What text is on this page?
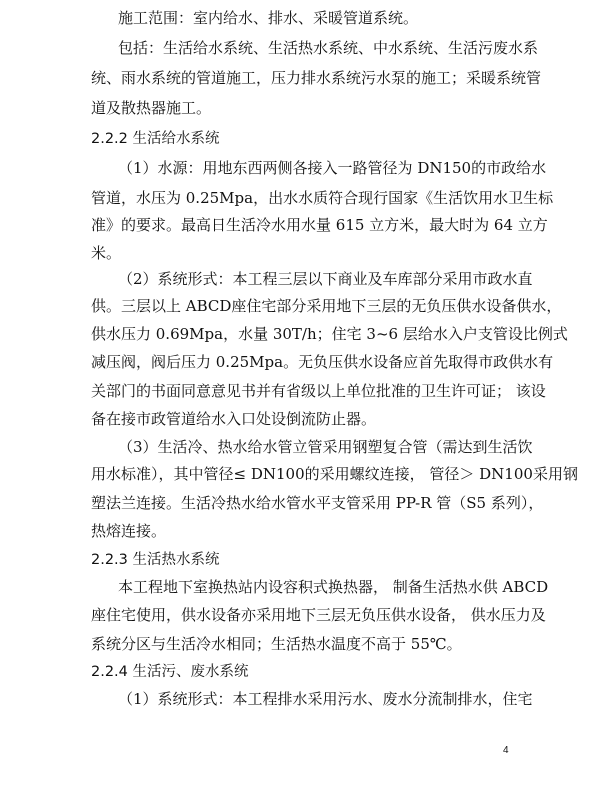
施工范围：室内给水、排水、采暖管道系统。
包括：生活给水系统、生活热水系统、中水系统、生活污废水系
统、雨水系统的管道施工，压力排水系统污水泵的施工；采暖系统管
道及散热器施工。
2.2.2 生活给水系统
（1）水源：用地东西两侧各接入一路管径为 DN150的市政给水
管道，水压为 0.25Mpa，出水水质符合现行国家《生活饮用水卫生标
准》的要求。最高日生活冷水用水量 615 立方米，最大时为 64 立方
米。
（2）系统形式：本工程三层以下商业及车库部分采用市政水直
供。三层以上 ABCD座住宅部分采用地下三层的无负压供水设备供水，
供水压力 0.69Mpa，水量 30T/h；住宅 3~6 层给水入户支管设比例式
减压阀，阀后压力 0.25Mpa。无负压供水设备应首先取得市政供水有
关部门的书面同意意见书并有省级以上单位批准的卫生许可证； 该设
备在接市政管道给水入口处设倒流防止器。
（3）生活冷、热水给水管立管采用钢塑复合管（需达到生活饮
用水标准），其中管径≤ DN100的采用螺纹连接， 管径＞ DN100采用钢
塑法兰连接。生活冷热水给水管水平支管采用 PP-R 管（S5 系列），
热熔连接。
2.2.3 生活热水系统
本工程地下室换热站内设容积式换热器， 制备生活热水供 ABCD
座住宅使用，供水设备亦采用地下三层无负压供水设备， 供水压力及
系统分区与生活冷水相同；生活热水温度不高于 55℃。
2.2.4 生活污、废水系统
（1）系统形式：本工程排水采用污水、废水分流制排水，住宅
4
